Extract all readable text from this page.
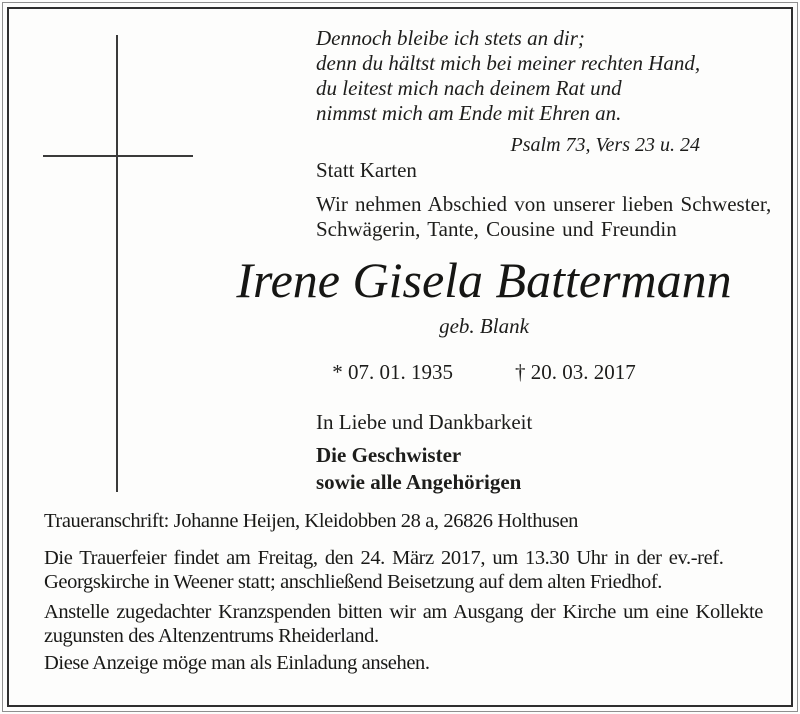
Dennoch bleibe ich stets an dir;
denn du hältst mich bei meiner rechten Hand,
du leitest mich nach deinem Rat und
nimmst mich am Ende mit Ehren an.
Psalm 73, Vers 23 u. 24
Statt Karten
Wir nehmen Abschied von unserer lieben Schwester,
Schwägerin, Tante, Cousine und Freundin
Irene Gisela Battermann
geb. Blank
* 07. 01. 1935	† 20. 03. 2017
In Liebe und Dankbarkeit
Die Geschwister
sowie alle Angehörigen
Traueranschrift: Johanne Heijen, Kleidobben 28 a, 26826 Holthusen
Die Trauerfeier findet am Freitag, den 24. März 2017, um 13.30 Uhr in der ev.-ref.
Georgskirche in Weener statt; anschließend Beisetzung auf dem alten Friedhof.
Anstelle zugedachter Kranzspenden bitten wir am Ausgang der Kirche um eine Kollekte
zugunsten des Altenzentrums Rheiderland.
Diese Anzeige möge man als Einladung ansehen.
